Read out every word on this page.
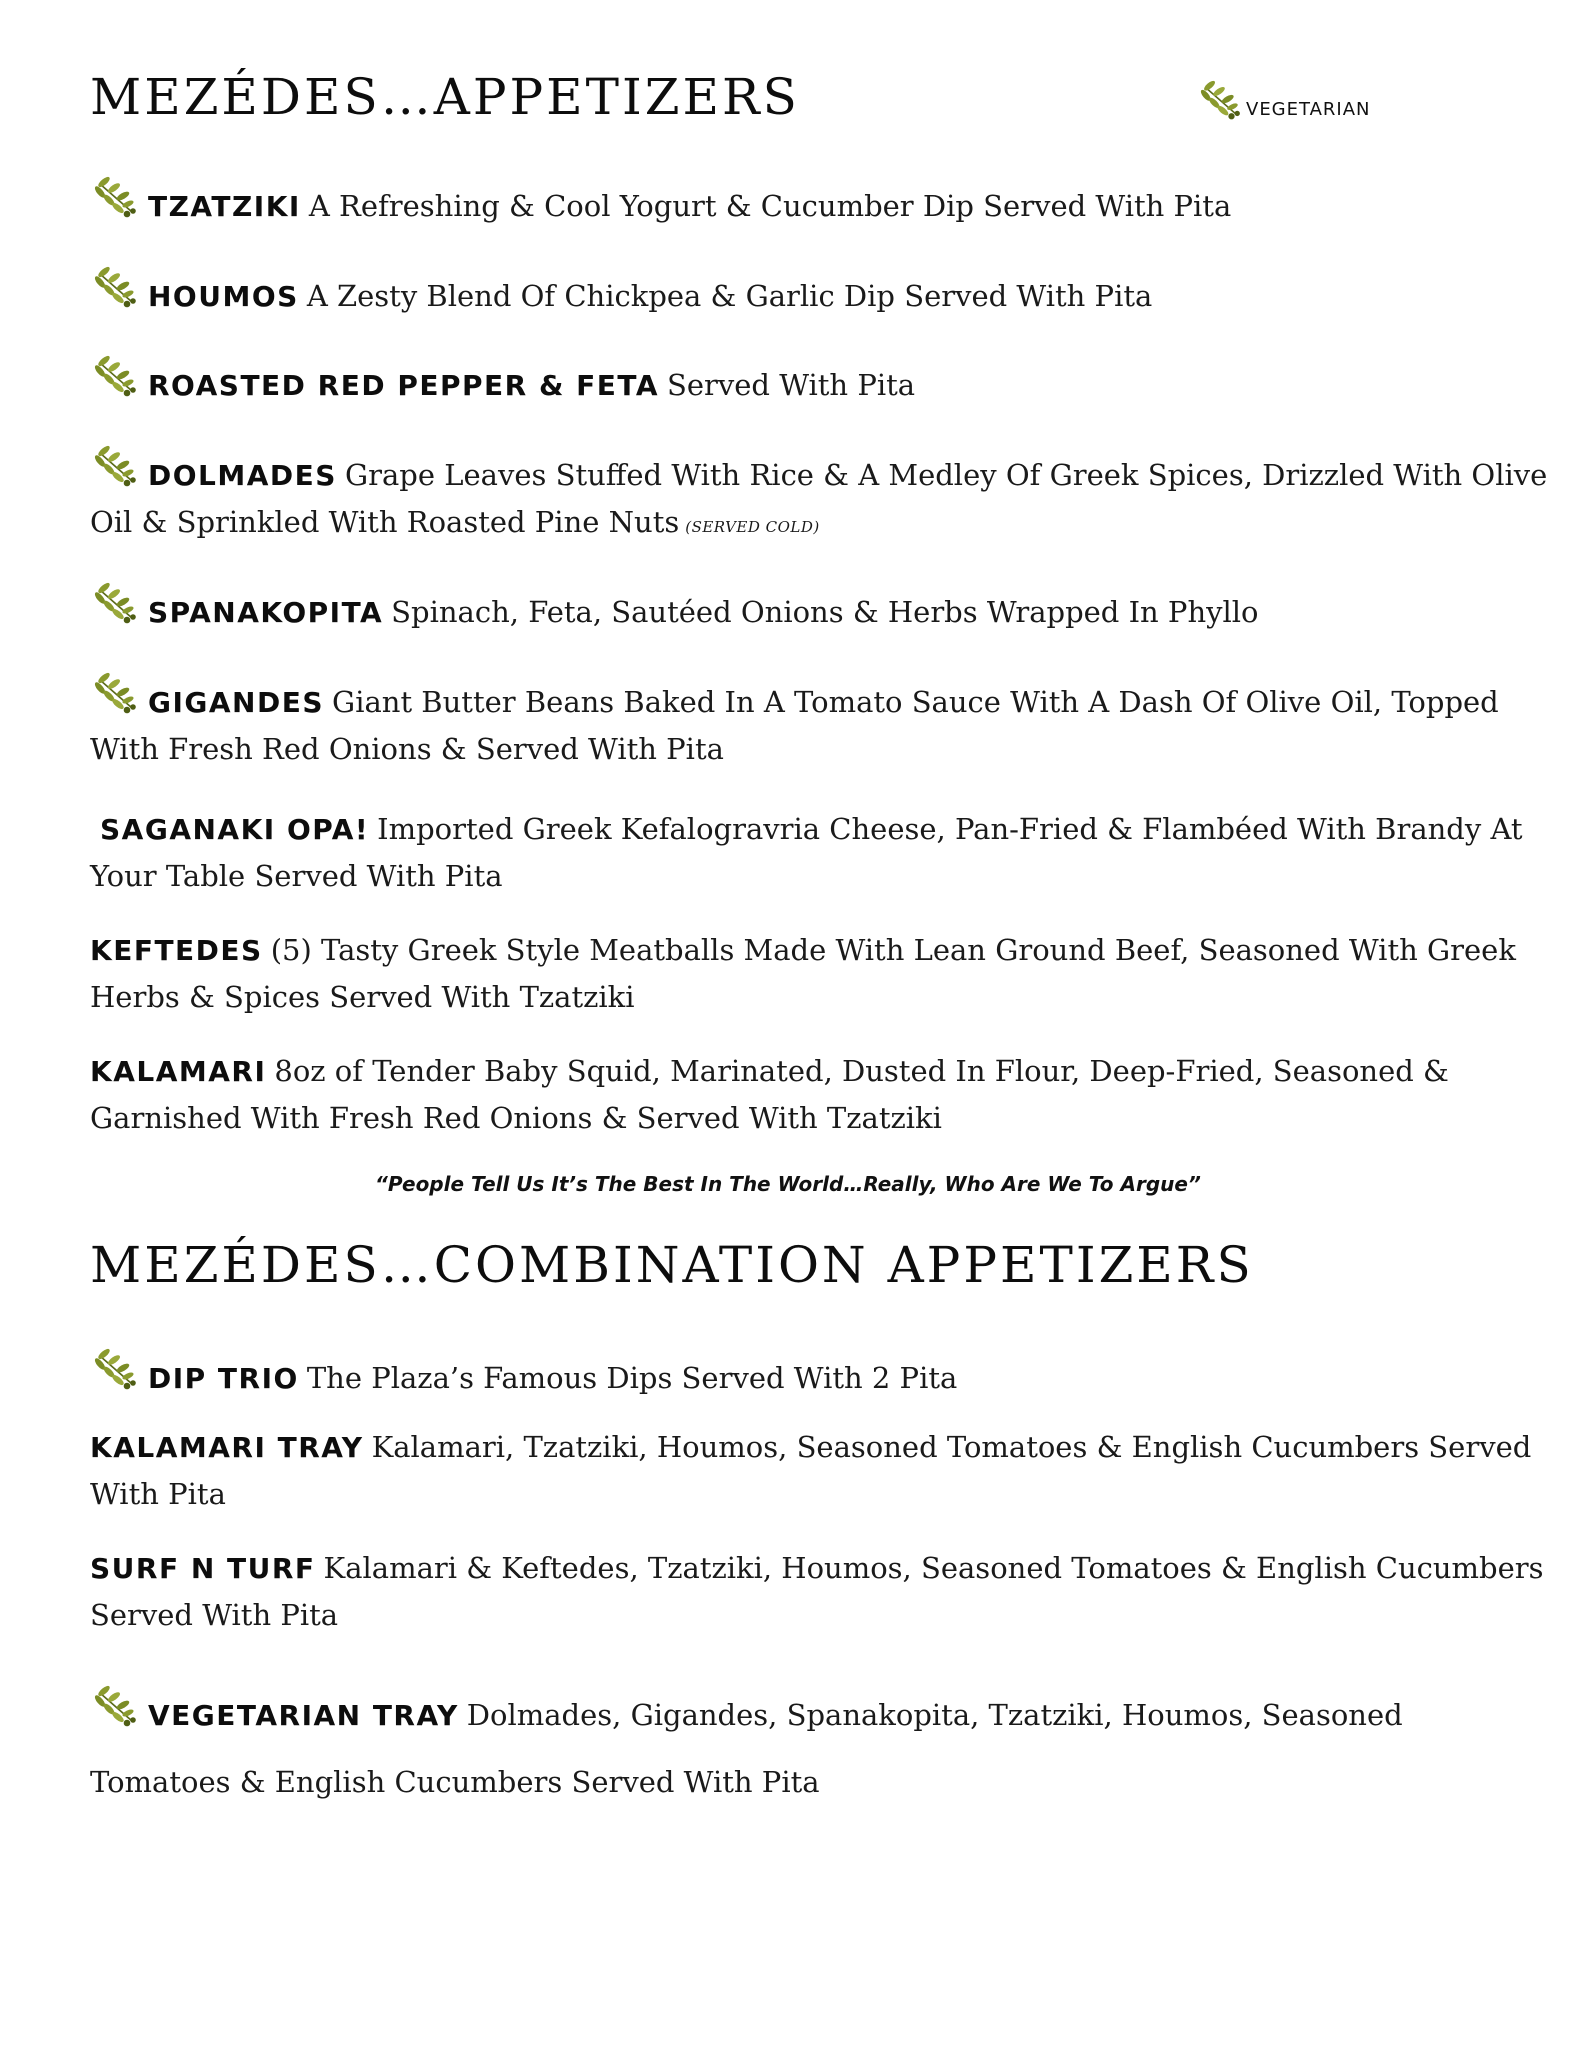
MEZÉDES…APPETIZERS	VEGETARIAN
TZATZIKI A Refreshing & Cool Yogurt & Cucumber Dip Served With Pita
HOUMOS A Zesty Blend Of Chickpea & Garlic Dip Served With Pita
ROASTED RED PEPPER & FETA Served With Pita
DOLMADES Grape Leaves Stuffed With Rice & A Medley Of Greek Spices, Drizzled With Olive Oil & Sprinkled With Roasted Pine Nuts (SERVED COLD)
SPANAKOPITA Spinach, Feta, Sautéed Onions & Herbs Wrapped In Phyllo
GIGANDES Giant Butter Beans Baked In A Tomato Sauce With A Dash Of Olive Oil, Topped With Fresh Red Onions & Served With Pita
SAGANAKI OPA! Imported Greek Kefalogravria Cheese, Pan-Fried & Flambéed With Brandy At Your Table Served With Pita
KEFTEDES (5) Tasty Greek Style Meatballs Made With Lean Ground Beef, Seasoned With Greek Herbs & Spices Served With Tzatziki
KALAMARI 8oz of Tender Baby Squid, Marinated, Dusted In Flour, Deep-Fried, Seasoned & Garnished With Fresh Red Onions & Served With Tzatziki
“People Tell Us It’s The Best In The World…Really, Who Are We To Argue”
MEZÉDES…COMBINATION APPETIZERS
DIP TRIO The Plaza’s Famous Dips Served With 2 Pita
KALAMARI TRAY Kalamari, Tzatziki, Houmos, Seasoned Tomatoes & English Cucumbers Served With Pita
SURF N TURF Kalamari & Keftedes, Tzatziki, Houmos, Seasoned Tomatoes & English Cucumbers Served With Pita
VEGETARIAN TRAY Dolmades, Gigandes, Spanakopita, Tzatziki, Houmos, Seasoned Tomatoes & English Cucumbers Served With Pita
